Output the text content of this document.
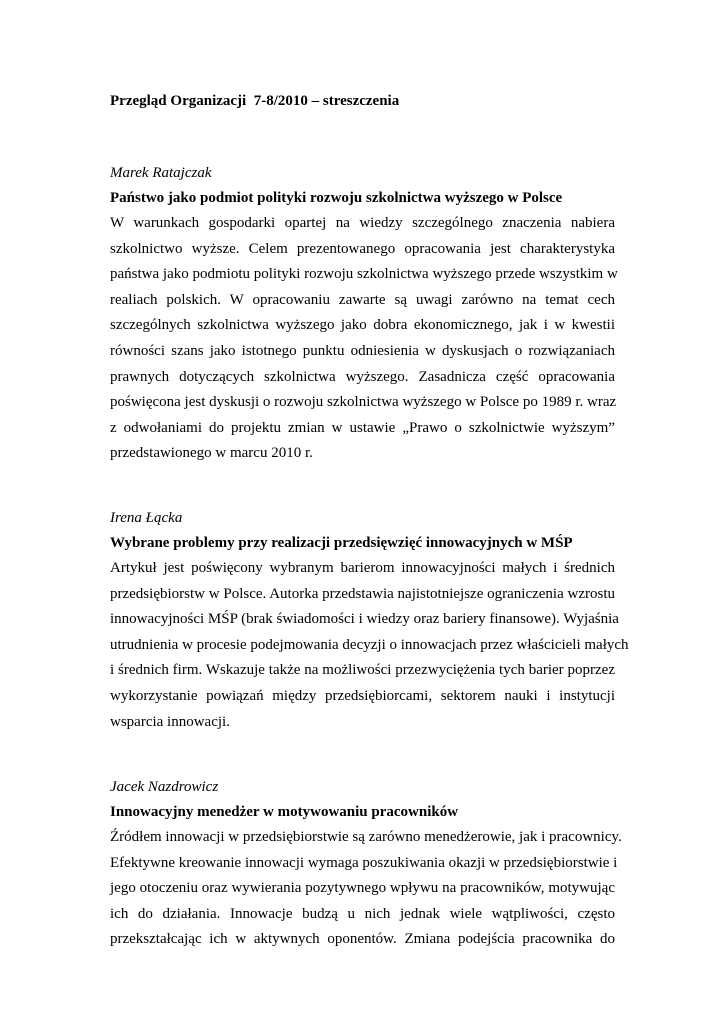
Przegląd Organizacji  7-8/2010 – streszczenia

Marek Ratajczak

Państwo jako podmiot polityki rozwoju szkolnictwa wyższego w Polsce

W warunkach gospodarki opartej na wiedzy szczególnego znaczenia nabiera
szkolnictwo wyższe. Celem prezentowanego opracowania jest charakterystyka
państwa jako podmiotu polityki rozwoju szkolnictwa wyższego przede wszystkim w
realiach polskich. W opracowaniu zawarte są uwagi zarówno na temat cech
szczególnych szkolnictwa wyższego jako dobra ekonomicznego, jak i w kwestii
równości szans jako istotnego punktu odniesienia w dyskusjach o rozwiązaniach
prawnych dotyczących szkolnictwa wyższego. Zasadnicza część opracowania
poświęcona jest dyskusji o rozwoju szkolnictwa wyższego w Polsce po 1989 r. wraz
z odwołaniami do projektu zmian w ustawie „Prawo o szkolnictwie wyższym”
przedstawionego w marcu 2010 r.

Irena Łącka

Wybrane problemy przy realizacji przedsięwzięć innowacyjnych w MŚP

Artykuł jest poświęcony wybranym barierom innowacyjności małych i średnich
przedsiębiorstw w Polsce. Autorka przedstawia najistotniejsze ograniczenia wzrostu
innowacyjności MŚP (brak świadomości i wiedzy oraz bariery finansowe). Wyjaśnia
utrudnienia w procesie podejmowania decyzji o innowacjach przez właścicieli małych
i średnich firm. Wskazuje także na możliwości przezwyciężenia tych barier poprzez
wykorzystanie powiązań między przedsiębiorcami, sektorem nauki i instytucji
wsparcia innowacji.

Jacek Nazdrowicz

Innowacyjny menedżer w motywowaniu pracowników

Źródłem innowacji w przedsiębiorstwie są zarówno menedżerowie, jak i pracownicy.
Efektywne kreowanie innowacji wymaga poszukiwania okazji w przedsiębiorstwie i
jego otoczeniu oraz wywierania pozytywnego wpływu na pracowników, motywując
ich do działania. Innowacje budzą u nich jednak wiele wątpliwości, często
przekształcając ich w aktywnych oponentów. Zmiana podejścia pracownika do
